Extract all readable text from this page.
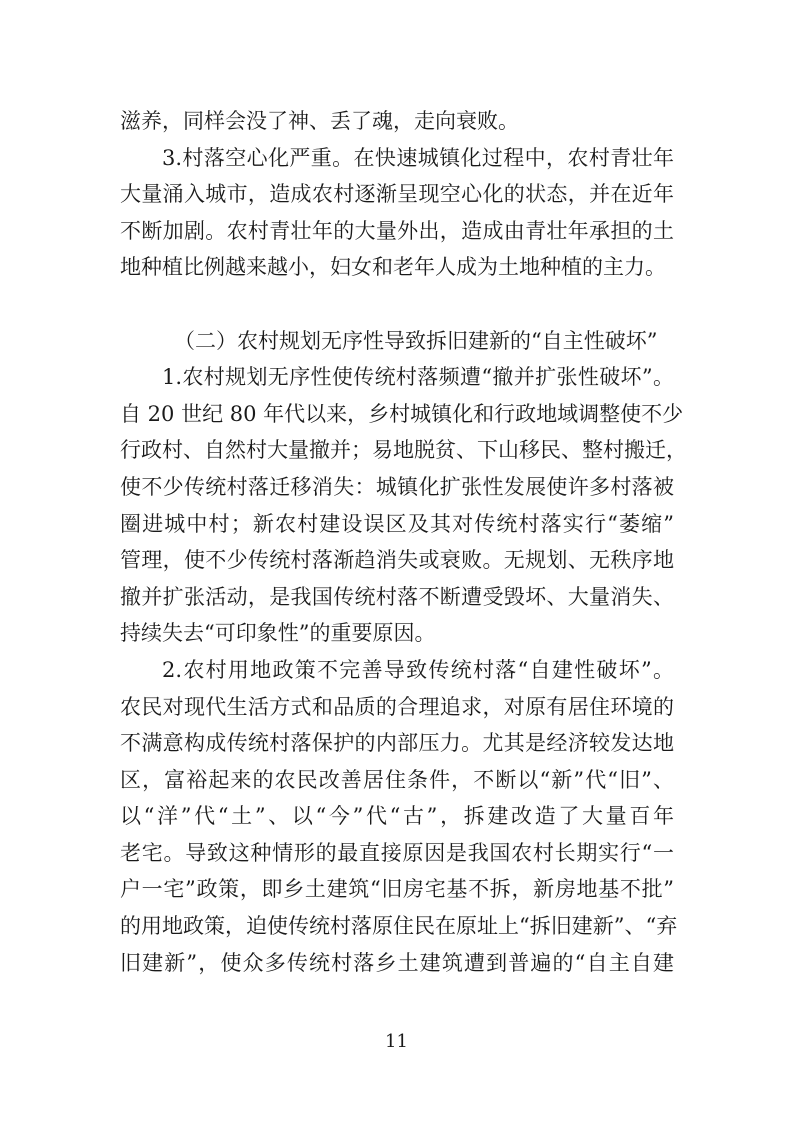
滋养，同样会没了神、丢了魂，走向衰败。
3.村落空心化严重。在快速城镇化过程中，农村青壮年
大量涌入城市，造成农村逐渐呈现空心化的状态，并在近年
不断加剧。农村青壮年的大量外出，造成由青壮年承担的土
地种植比例越来越小，妇女和老年人成为土地种植的主力。
（二）农村规划无序性导致拆旧建新的“自主性破坏”
1.农村规划无序性使传统村落频遭“撤并扩张性破坏”。
自 20 世纪 80 年代以来，乡村城镇化和行政地域调整使不少
行政村、自然村大量撤并；易地脱贫、下山移民、整村搬迁，
使不少传统村落迁移消失：城镇化扩张性发展使许多村落被
圈进城中村；新农村建设误区及其对传统村落实行“萎缩”
管理，使不少传统村落渐趋消失或衰败。无规划、无秩序地
撤并扩张活动，是我国传统村落不断遭受毁坏、大量消失、
持续失去“可印象性”的重要原因。
2.农村用地政策不完善导致传统村落“自建性破坏”。
农民对现代生活方式和品质的合理追求，对原有居住环境的
不满意构成传统村落保护的内部压力。尤其是经济较发达地
区，富裕起来的农民改善居住条件，不断以“新”代“旧”、
以“洋”代“土”、以“今”代“古”，拆建改造了大量百年
老宅。导致这种情形的最直接原因是我国农村长期实行“一
户一宅”政策，即乡土建筑“旧房宅基不拆，新房地基不批”
的用地政策，迫使传统村落原住民在原址上“拆旧建新”、“弃
旧建新”，使众多传统村落乡土建筑遭到普遍的“自主自建
11
